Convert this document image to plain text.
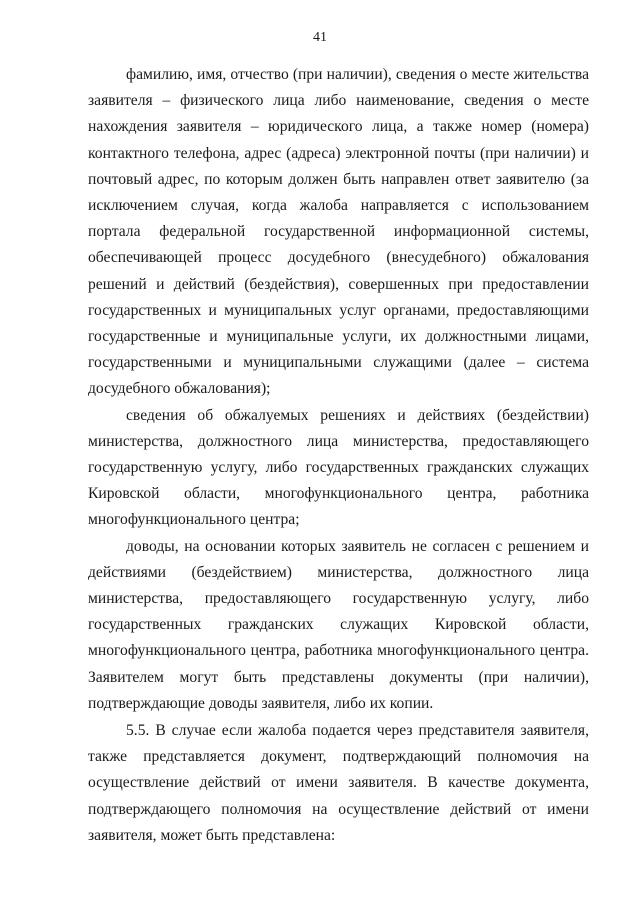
41

фамилию, имя, отчество (при наличии), сведения о месте жительства заявителя – физического лица либо наименование, сведения о месте нахождения заявителя – юридического лица, а также номер (номера) контактного телефона, адрес (адреса) электронной почты (при наличии) и почтовый адрес, по которым должен быть направлен ответ заявителю (за исключением случая, когда жалоба направляется с использованием портала федеральной государственной информационной системы, обеспечивающей процесс досудебного (внесудебного) обжалования решений и действий (бездействия), совершенных при предоставлении государственных и муниципальных услуг органами, предоставляющими государственные и муниципальные услуги, их должностными лицами, государственными и муниципальными служащими (далее – система досудебного обжалования);

сведения об обжалуемых решениях и действиях (бездействии) министерства, должностного лица министерства, предоставляющего государственную услугу, либо государственных гражданских служащих Кировской области, многофункционального центра, работника многофункционального центра;

доводы, на основании которых заявитель не согласен с решением и действиями (бездействием) министерства, должностного лица министерства, предоставляющего государственную услугу, либо государственных гражданских служащих Кировской области, многофункционального центра, работника многофункционального центра. Заявителем могут быть представлены документы (при наличии), подтверждающие доводы заявителя, либо их копии.

5.5. В случае если жалоба подается через представителя заявителя, также представляется документ, подтверждающий полномочия на осуществление действий от имени заявителя. В качестве документа, подтверждающего полномочия на осуществление действий от имени заявителя, может быть представлена:
